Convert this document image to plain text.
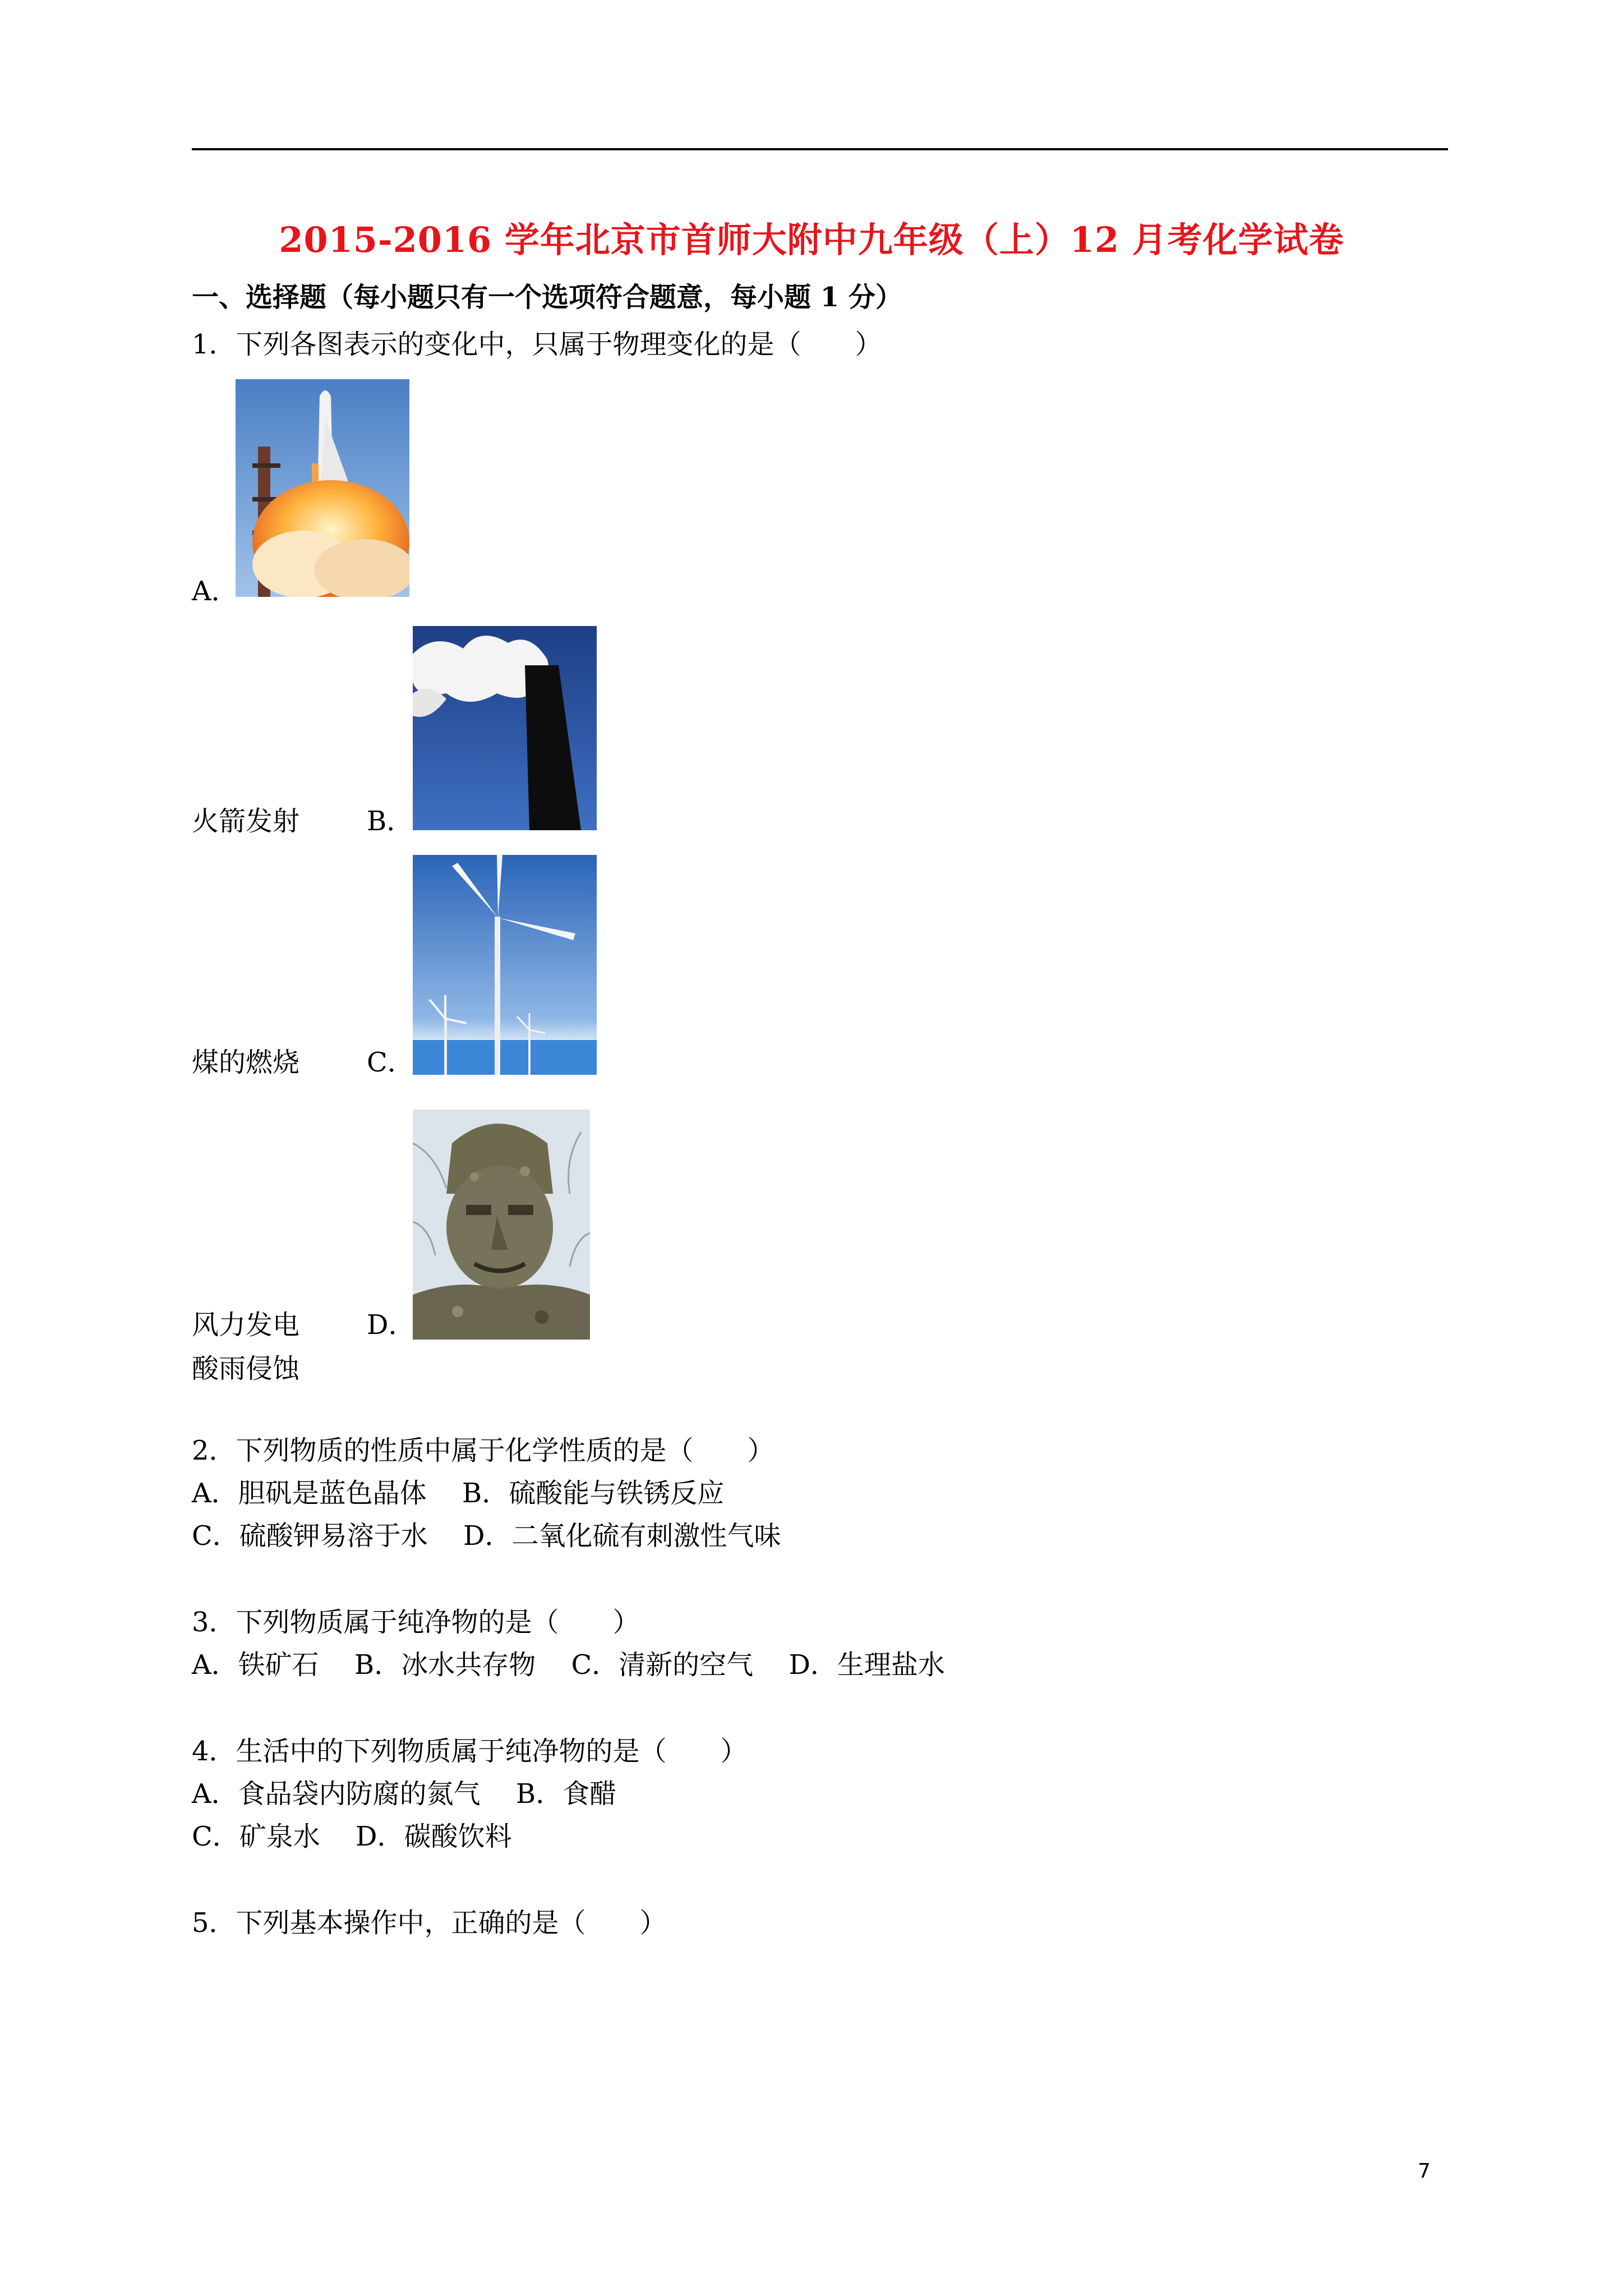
2015-2016 学年北京市首师大附中九年级（上）12 月考化学试卷
一、选择题（每小题只有一个选项符合题意，每小题 1 分）
1．下列各图表示的变化中，只属于物理变化的是（　　）
A．
火箭发射 B．
煤的燃烧 C．
风力发电 D．
酸雨侵蚀
2．下列物质的性质中属于化学性质的是（　　）
A．胆矾是蓝色晶体　 B．硫酸能与铁锈反应
C．硫酸钾易溶于水　 D．二氧化硫有刺激性气味
3．下列物质属于纯净物的是（　　）
A．铁矿石　 B．冰水共存物　 C．清新的空气　 D．生理盐水
4．生活中的下列物质属于纯净物的是（　　）
A．食品袋内防腐的氮气　 B．食醋
C．矿泉水　 D．碳酸饮料
5．下列基本操作中，正确的是（　　）
7
